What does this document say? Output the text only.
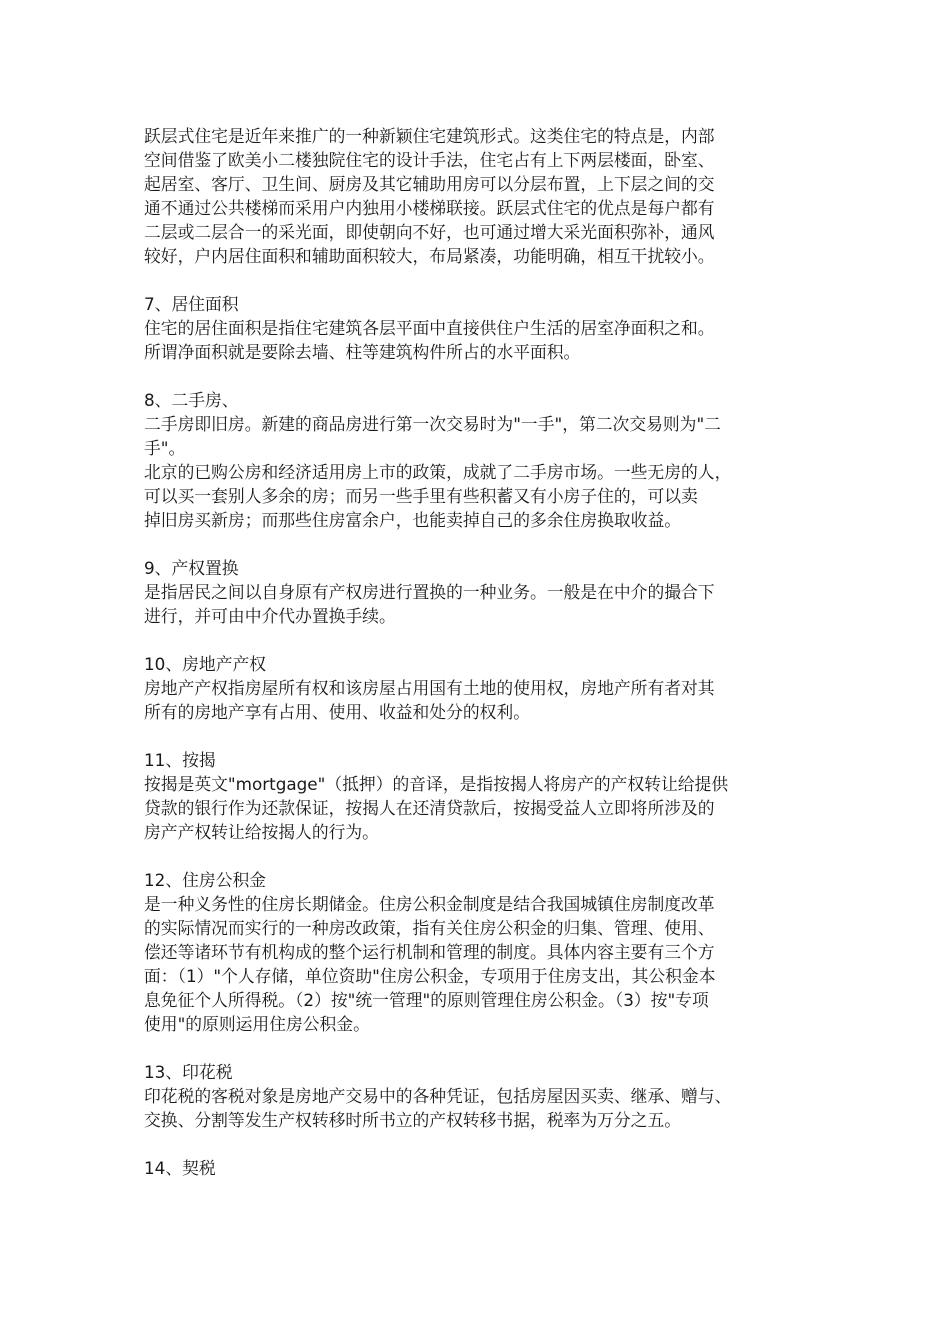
跃层式住宅是近年来推广的一种新颖住宅建筑形式。这类住宅的特点是，内部
空间借鉴了欧美小二楼独院住宅的设计手法，住宅占有上下两层楼面，卧室、
起居室、客厅、卫生间、厨房及其它辅助用房可以分层布置，上下层之间的交
通不通过公共楼梯而采用户内独用小楼梯联接。跃层式住宅的优点是每户都有
二层或二层合一的采光面，即使朝向不好，也可通过增大采光面积弥补，通风
较好，户内居住面积和辅助面积较大，布局紧凑，功能明确，相互干扰较小。
7、居住面积
住宅的居住面积是指住宅建筑各层平面中直接供住户生活的居室净面积之和。
所谓净面积就是要除去墙、柱等建筑构件所占的水平面积。
8、二手房、
二手房即旧房。新建的商品房进行第一次交易时为"一手"，第二次交易则为"二
手"。
北京的已购公房和经济适用房上市的政策，成就了二手房市场。一些无房的人，
可以买一套别人多余的房；而另一些手里有些积蓄又有小房子住的，可以卖
掉旧房买新房；而那些住房富余户，也能卖掉自己的多余住房换取收益。
9、产权置换
是指居民之间以自身原有产权房进行置换的一种业务。一般是在中介的撮合下
进行，并可由中介代办置换手续。
10、房地产产权
房地产产权指房屋所有权和该房屋占用国有土地的使用权，房地产所有者对其
所有的房地产享有占用、使用、收益和处分的权利。
11、按揭
按揭是英文"mortgage"（抵押）的音译，是指按揭人将房产的产权转让给提供
贷款的银行作为还款保证，按揭人在还清贷款后，按揭受益人立即将所涉及的
房产产权转让给按揭人的行为。
12、住房公积金
是一种义务性的住房长期储金。住房公积金制度是结合我国城镇住房制度改革
的实际情况而实行的一种房改政策，指有关住房公积金的归集、管理、使用、
偿还等诸环节有机构成的整个运行机制和管理的制度。具体内容主要有三个方
面：（1）"个人存储，单位资助"住房公积金，专项用于住房支出，其公积金本
息免征个人所得税。（2）按"统一管理"的原则管理住房公积金。（3）按"专项
使用"的原则运用住房公积金。
13、印花税
印花税的客税对象是房地产交易中的各种凭证，包括房屋因买卖、继承、赠与、
交换、分割等发生产权转移时所书立的产权转移书据，税率为万分之五。
14、契税
